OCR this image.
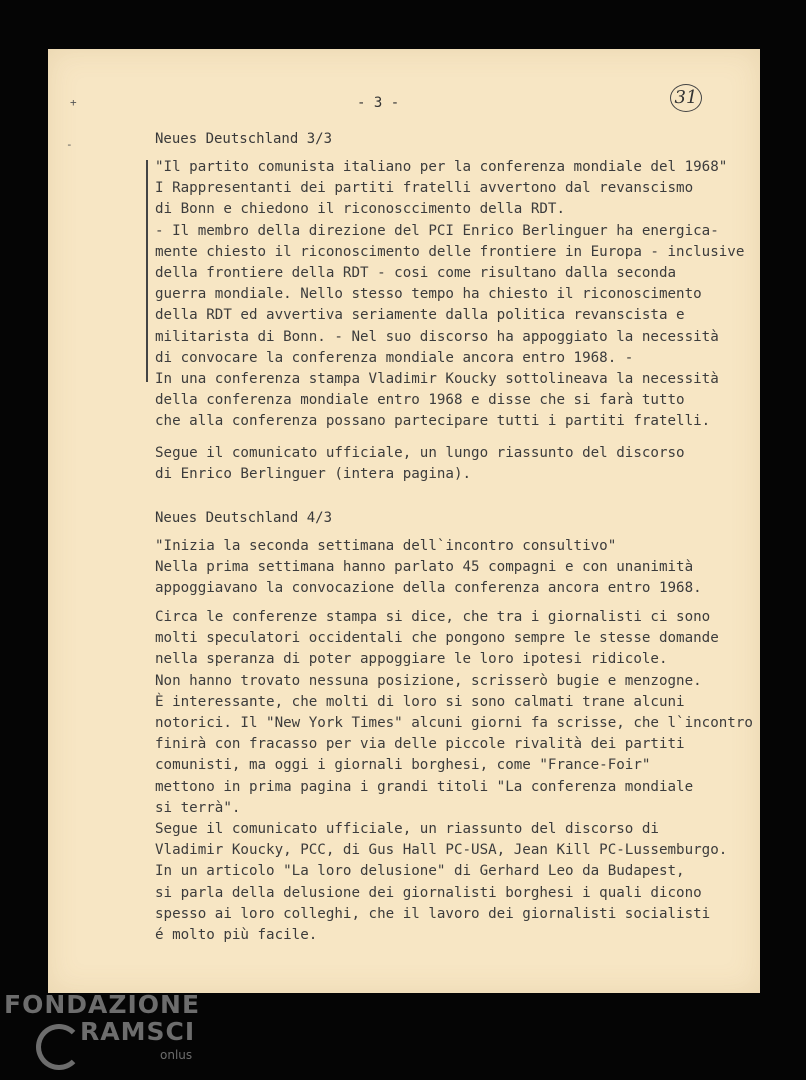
+
-
- 3 -	31
Neues Deutschland 3/3
"Il partito comunista italiano per la conferenza mondiale del 1968"
I Rappresentanti dei partiti fratelli avvertono dal revanscismo
di Bonn e chiedono il riconosccimento della RDT.
- Il membro della direzione del PCI Enrico Berlinguer ha energica-
mente chiesto il riconoscimento delle frontiere in Europa - inclusive
della frontiere della RDT - cosi come risultano dalla seconda
guerra mondiale. Nello stesso tempo ha chiesto il riconoscimento
della RDT ed avvertiva seriamente dalla politica revanscista e
militarista di Bonn. - Nel suo discorso ha appoggiato la necessità
di convocare la conferenza mondiale ancora entro 1968. -
In una conferenza stampa Vladimir Koucky sottolineava la necessità
della conferenza mondiale entro 1968 e disse che si farà tutto
che alla conferenza possano partecipare tutti i partiti fratelli.
Segue il comunicato ufficiale, un lungo riassunto del discorso
di Enrico Berlinguer (intera pagina).
Neues Deutschland 4/3
"Inizia la seconda settimana dell`incontro consultivo"
Nella prima settimana hanno parlato 45 compagni e con unanimità
appoggiavano la convocazione della conferenza ancora entro 1968.
Circa le conferenze stampa si dice, che tra i giornalisti ci sono
molti speculatori occidentali che pongono sempre le stesse domande
nella speranza di poter appoggiare le loro ipotesi ridicole.
Non hanno trovato nessuna posizione, scrisserò bugie e menzogne.
È interessante, che molti di loro si sono calmati trane alcuni
notorici. Il "New York Times" alcuni giorni fa scrisse, che l`incontro
finirà con fracasso per via delle piccole rivalità dei partiti
comunisti, ma oggi i giornali borghesi, come "France-Foir"
mettono in prima pagina i grandi titoli "La conferenza mondiale
si terrà".
Segue il comunicato ufficiale, un riassunto del discorso di
Vladimir Koucky, PCC, di Gus Hall PC-USA, Jean Kill PC-Lussemburgo.
In un articolo "La loro delusione" di Gerhard Leo da Budapest,
si parla della delusione dei giornalisti borghesi i quali dicono
spesso ai loro colleghi, che il lavoro dei giornalisti socialisti
é molto più facile.
FONDAZIONE
RAMSCI
onlus
